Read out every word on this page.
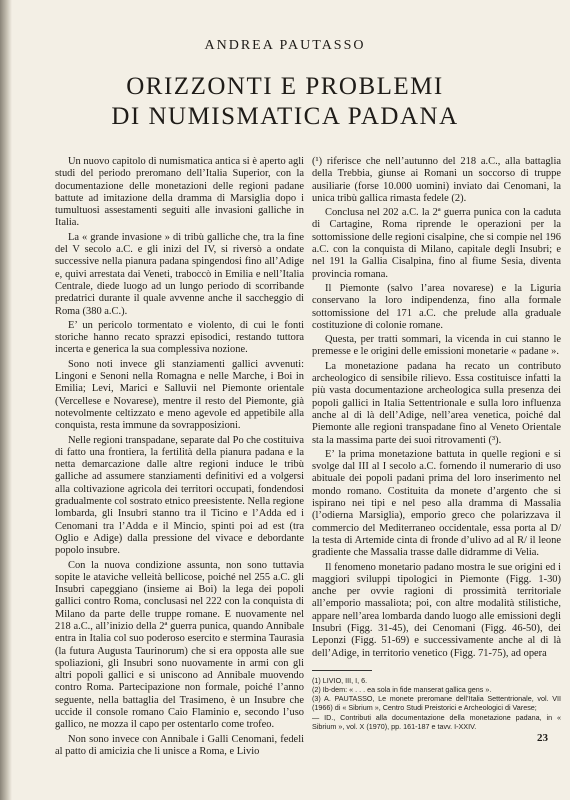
ANDREA PAUTASSO
ORIZZONTI E PROBLEMI
DI NUMISMATICA PADANA

Un nuovo capitolo di numismatica antica si è aperto agli studi del periodo preromano dell’Italia Superior, con la documentazione delle monetazioni delle regioni padane battute ad imitazione della dramma di Marsiglia dopo i tumultuosi assestamenti seguiti alle invasioni galliche in Italia.

La « grande invasione » di tribù galliche che, tra la fine del V secolo a.C. e gli inizi del IV, si riversò a ondate successive nella pianura padana spingendosi fino all’Adige e, quivi arrestata dai Veneti, traboccò in Emilia e nell’Italia Centrale, diede luogo ad un lungo periodo di scorribande predatrici durante il quale avvenne anche il saccheggio di Roma (380 a.C.).

E’ un pericolo tormentato e violento, di cui le fonti storiche hanno recato sprazzi episodici, restando tuttora incerta e generica la sua complessiva nozione.

Sono noti invece gli stanziamenti gallici avvenuti: Lingoni e Senoni nella Romagna e nelle Marche, i Boi in Emilia; Levi, Marici e Salluvii nel Piemonte orientale (Vercellese e Novarese), mentre il resto del Piemonte, già notevolmente celtizzato e meno agevole ed appetibile alla conquista, resta immune da sovrapposizioni.

Nelle regioni transpadane, separate dal Po che costituiva di fatto una frontiera, la fertilità della pianura padana e la netta demarcazione dalle altre regioni induce le tribù galliche ad assumere stanziamenti definitivi ed a volgersi alla coltivazione agricola dei territori occupati, fondendosi gradualmente col sostrato etnico preesistente. Nella regione lombarda, gli Insubri stanno tra il Ticino e l’Adda ed i Cenomani tra l’Adda e il Mincio, spinti poi ad est (tra Oglio e Adige) dalla pressione del vivace e debordante popolo insubre.

Con la nuova condizione assunta, non sono tuttavia sopite le ataviche velleità bellicose, poiché nel 255 a.C. gli Insubri capeggiano (insieme ai Boi) la lega dei popoli gallici contro Roma, conclusasi nel 222 con la conquista di Milano da parte delle truppe romane. E nuovamente nel 218 a.C., all’inizio della 2ª guerra punica, quando Annibale entra in Italia col suo poderoso esercito e stermina Taurasia (la futura Augusta Taurinorum) che si era opposta alle sue spoliazioni, gli Insubri sono nuovamente in armi con gli altri popoli gallici e si uniscono ad Annibale muovendo contro Roma. Partecipazione non formale, poiché l’anno seguente, nella battaglia del Trasimeno, è un Insubre che uccide il console romano Caio Flaminio e, secondo l’uso gallico, ne mozza il capo per ostentarlo come trofeo.

Non sono invece con Annibale i Galli Cenomani, fedeli al patto di amicizia che li unisce a Roma, e Livio

(¹) riferisce che nell’autunno del 218 a.C., alla battaglia della Trebbia, giunse ai Romani un soccorso di truppe ausiliarie (forse 10.000 uomini) inviato dai Cenomani, la unica tribù gallica rimasta fedele (2).

Conclusa nel 202 a.C. la 2ª guerra punica con la caduta di Cartagine, Roma riprende le operazioni per la sottomissione delle regioni cisalpine, che si compie nel 196 a.C. con la conquista di Milano, capitale degli Insubri; e nel 191 la Gallia Cisalpina, fino al fiume Sesia, diventa provincia romana.

Il Piemonte (salvo l’area novarese) e la Liguria conservano la loro indipendenza, fino alla formale sottomissione del 171 a.C. che prelude alla graduale costituzione di colonie romane.

Questa, per tratti sommari, la vicenda in cui stanno le premesse e le origini delle emissioni monetarie « padane ».

La monetazione padana ha recato un contributo archeologico di sensibile rilievo. Essa costituisce infatti la più vasta documentazione archeologica sulla presenza dei popoli gallici in Italia Settentrionale e sulla loro influenza anche al di là dell’Adige, nell’area venetica, poiché dal Piemonte alle regioni transpadane fino al Veneto Orientale sta la massima parte dei suoi ritrovamenti (³).

E’ la prima monetazione battuta in quelle regioni e si svolge dal III al I secolo a.C. fornendo il numerario di uso abituale dei popoli padani prima del loro inserimento nel mondo romano. Costituita da monete d’argento che si ispirano nei tipi e nel peso alla dramma di Massalia (l’odierna Marsiglia), emporio greco che polarizzava il commercio del Mediterraneo occidentale, essa porta al D/ la testa di Artemide cinta di fronde d’ulivo ad al R/ il leone gradiente che Massalia trasse dalle didramme di Velia.

Il fenomeno monetario padano mostra le sue origini ed i maggiori sviluppi tipologici in Piemonte (Figg. 1-30) anche per ovvie ragioni di prossimità territoriale all’emporio massaliota; poi, con altre modalità stilistiche, appare nell’area lombarda dando luogo alle emissioni degli Insubri (Figg. 31-45), dei Cenomani (Figg. 46-50), dei Leponzi (Figg. 51-69) e successivamente anche al di là dell’Adige, in territorio venetico (Figg. 71-75), ad opera

(1) LIVIO, III, I, 6.
(2) Ib-dem: « . . . ea sola in fide manserat gallica gens ».
(3) A. PAUTASSO, Le monete preromane dell’Italia Settentrionale, vol. VII (1966) di « Sibrium », Centro Studi Preistorici e Archeologici di Varese;
— ID., Contributi alla documentazione della monetazione padana, in « Sibrium », vol. X (1970), pp. 161-187 e tavv. I-XXIV.
23
